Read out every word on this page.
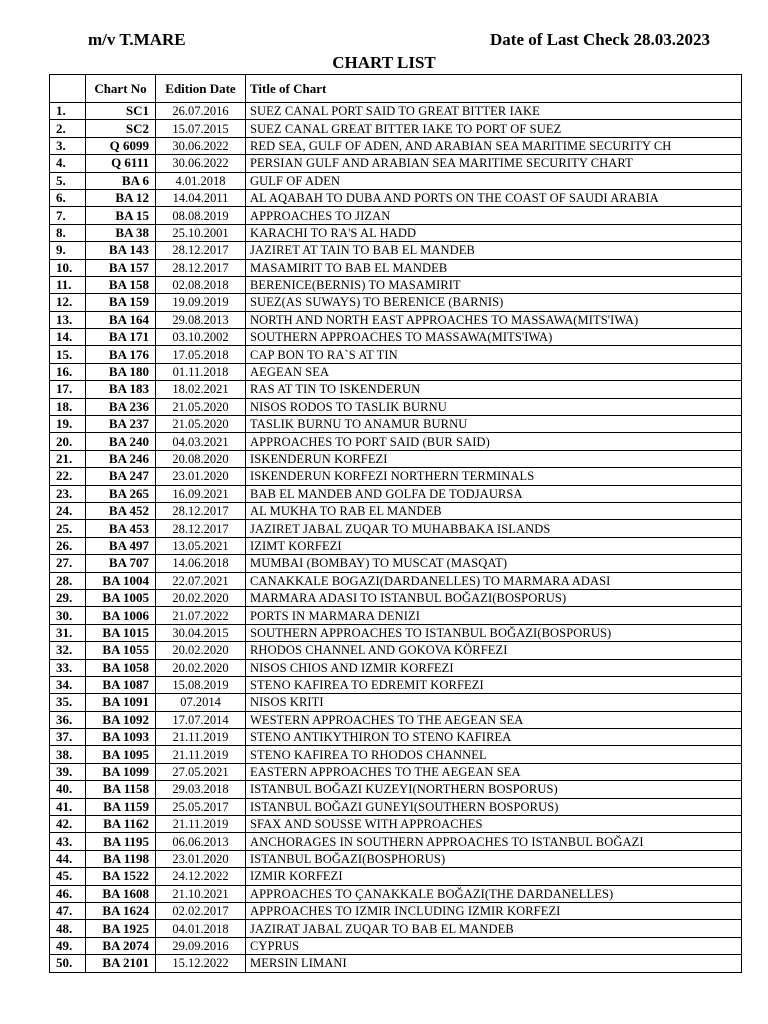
m/v T.MARE	Date of Last Check 28.03.2023
CHART LIST
	Chart No	Edition Date	Title of Chart
1.	SC1	26.07.2016	SUEZ CANAL PORT SAID TO GREAT BITTER IAKE
2.	SC2	15.07.2015	SUEZ CANAL GREAT BITTER IAKE TO PORT OF SUEZ
3.	Q 6099	30.06.2022	RED SEA, GULF OF ADEN, AND ARABIAN SEA MARITIME SECURITY CH
4.	Q 6111	30.06.2022	PERSIAN GULF AND ARABIAN SEA MARITIME SECURITY CHART
5.	BA 6	4.01.2018	GULF OF ADEN
6.	BA 12	14.04.2011	AL AQABAH TO DUBA AND PORTS ON THE COAST OF SAUDI ARABIA
7.	BA 15	08.08.2019	APPROACHES TO JIZAN
8.	BA 38	25.10.2001	KARACHI TO RA'S AL HADD
9.	BA 143	28.12.2017	JAZIRET AT TAIN TO BAB EL MANDEB
10.	BA 157	28.12.2017	MASAMIRIT TO BAB EL MANDEB
11.	BA 158	02.08.2018	BERENICE(BERNIS) TO MASAMIRIT
12.	BA 159	19.09.2019	SUEZ(AS SUWAYS) TO BERENICE (BARNIS)
13.	BA 164	29.08.2013	NORTH AND NORTH EAST APPROACHES TO MASSAWA(MITS'IWA)
14.	BA 171	03.10.2002	SOUTHERN APPROACHES TO MASSAWA(MITS'IWA)
15.	BA 176	17.05.2018	CAP BON TO RA`S AT TIN
16.	BA 180	01.11.2018	AEGEAN SEA
17.	BA 183	18.02.2021	RAS AT TIN TO ISKENDERUN
18.	BA 236	21.05.2020	NISOS RODOS TO TASLIK BURNU
19.	BA 237	21.05.2020	TASLIK BURNU TO ANAMUR BURNU
20.	BA 240	04.03.2021	APPROACHES TO PORT SAID (BUR SAID)
21.	BA 246	20.08.2020	ISKENDERUN KORFEZI
22.	BA 247	23.01.2020	ISKENDERUN KORFEZI NORTHERN TERMINALS
23.	BA 265	16.09.2021	BAB EL MANDEB AND GOLFA DE TODJAURSA
24.	BA 452	28.12.2017	AL MUKHA TO RAB EL MANDEB
25.	BA 453	28.12.2017	JAZIRET JABAL ZUQAR TO MUHABBAKA ISLANDS
26.	BA 497	13.05.2021	IZIMT KORFEZI
27.	BA 707	14.06.2018	MUMBAI (BOMBAY) TO MUSCAT (MASQAT)
28.	BA 1004	22.07.2021	CANAKKALE BOGAZI(DARDANELLES) TO MARMARA ADASI
29.	BA 1005	20.02.2020	MARMARA ADASI TO ISTANBUL BOĞAZI(BOSPORUS)
30.	BA 1006	21.07.2022	PORTS IN MARMARA DENIZI
31.	BA 1015	30.04.2015	SOUTHERN APPROACHES TO ISTANBUL BOĞAZI(BOSPORUS)
32.	BA 1055	20.02.2020	RHODOS CHANNEL AND GOKOVA KÖRFEZI
33.	BA 1058	20.02.2020	NISOS CHIOS AND IZMIR KORFEZI
34.	BA 1087	15.08.2019	STENO KAFIREA TO EDREMIT KORFEZI
35.	BA 1091	07.2014	NISOS KRITI
36.	BA 1092	17.07.2014	WESTERN APPROACHES TO THE AEGEAN SEA
37.	BA 1093	21.11.2019	STENO ANTIKYTHIRON TO STENO KAFIREA
38.	BA 1095	21.11.2019	STENO KAFIREA TO RHODOS CHANNEL
39.	BA 1099	27.05.2021	EASTERN APPROACHES TO THE AEGEAN SEA
40.	BA 1158	29.03.2018	ISTANBUL BOĞAZI KUZEYI(NORTHERN BOSPORUS)
41.	BA 1159	25.05.2017	ISTANBUL BOĞAZI GUNEYI(SOUTHERN BOSPORUS)
42.	BA 1162	21.11.2019	SFAX AND SOUSSE WITH APPROACHES
43.	BA 1195	06.06.2013	ANCHORAGES IN SOUTHERN APPROACHES TO ISTANBUL BOĞAZI
44.	BA 1198	23.01.2020	ISTANBUL BOĞAZI(BOSPHORUS)
45.	BA 1522	24.12.2022	IZMIR KORFEZI
46.	BA 1608	21.10.2021	APPROACHES TO ÇANAKKALE BOĞAZI(THE DARDANELLES)
47.	BA 1624	02.02.2017	APPROACHES TO IZMIR INCLUDING IZMIR KORFEZI
48.	BA 1925	04.01.2018	JAZIRAT JABAL ZUQAR TO BAB EL MANDEB
49.	BA 2074	29.09.2016	CYPRUS
50.	BA 2101	15.12.2022	MERSIN LIMANI
